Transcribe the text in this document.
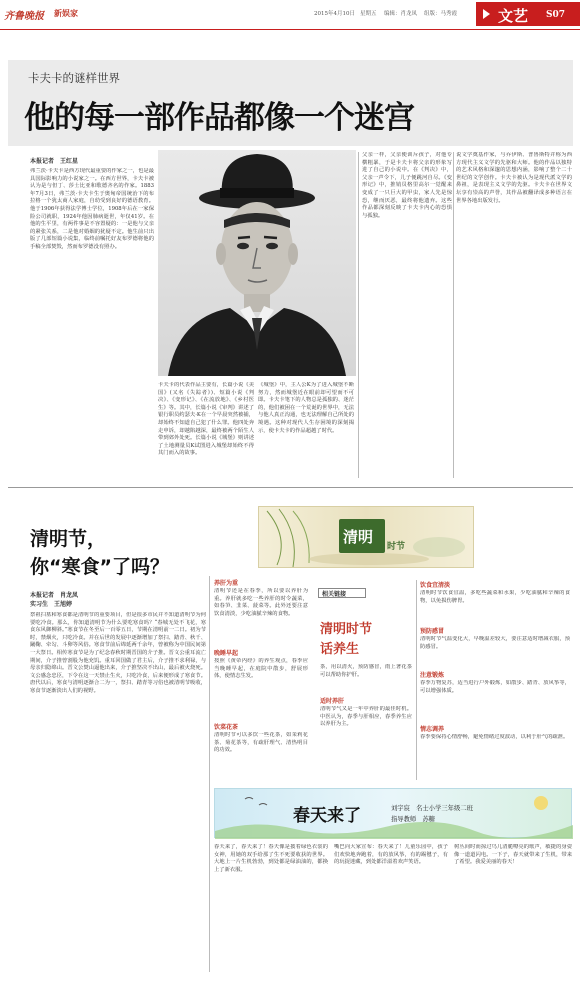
齐鲁晚报 新娱家	2015年4月10日 星期五 编辑：肖龙凤 组版：马秀霞	文艺 S07
卡夫卡的谜样世界
他的每一部作品都像一个迷宫
本报记者　王红星
弗兰茨·卡夫卡是西方现代最重要的作家之一，也是最具国际影响力的小说家之一。在西方世界，卡夫卡被认为是与但丁、莎士比亚和歌德齐名的作家。1883年7月3日，弗兰茨·卡夫卡生于奥匈帝国统治下的布拉格一个犹太商人家庭，自幼受到良好的德语教育。他于1906年获得法学博士学位，1908年后在一家保险公司就职，1924年他因肺病逝世，年仅41岁。在他的生平里，有两件事是不容置疑的：一是他与父亲的紧张关系，二是他对婚姻的犹疑不定。他生前只出版了几部短篇小说集，临终前嘱托好友布罗德将他的手稿全部焚毁，然而布罗德没有照办。
卡夫卡的代表作品主要有，长篇小说《美国》(又名《失踪者》)、短篇小说《判决》、《变形记》、《在流放地》、《乡村医生》等。其中，长篇小说《审判》讲述了银行职员约瑟夫·K在一个早晨突然被捕，却始终不知道自己犯了什么罪。他四处奔走申诉，却越陷越深，最终被两个陌生人带到郊外处死。长篇小说《城堡》则讲述了土地测量员K试图进入城堡却始终不得其门而入的故事。
《城堡》中，主人公K为了进入城堡不断努力，然而城堡近在眼前却可望而不可即。卡夫卡笔下的人物总是孤独的、迷茫的，他们被困在一个荒诞的世界中，无法与他人真正沟通，也无法理解自己所处的境遇。这种对现代人生存困境的深刻揭示，使卡夫卡的作品超越了时代。
父亲一样，父亲便训斥孩子，对他专横粗暴，于是卡夫卡将父亲的形象写进了自己的小说中。在《判决》中，父亲一声令下，儿子便跳河自尽。《变形记》中，推销员格里高尔一觉醒来变成了一只巨大的甲虫，家人先是惊恐，继而厌恶，最终将他遗弃。这些作品都深刻反映了卡夫卡内心的恐惧与孤独。
说文学奠基作家，与乔伊斯、普鲁斯特并称为西方现代主义文学的先驱和大师。他的作品以独特的艺术风格和深邃的思想内涵，影响了整个二十世纪的文学创作。卡夫卡被认为是现代派文学的鼻祖，是表现主义文学的先驱。卡夫卡在世界文坛享有崇高的声誉，其作品被翻译成多种语言在世界各地出版发行。
清明
时节
清明节，
你“寒食”了吗？
本报记者　肖龙凤
实习生　王旭婷
祭祖扫墓和寒食都是清明节的重要项目，但是很多市民并不知道清明节为何要吃冷食。那么，你知道清明节为什么要吃寒食吗？“春城无处不飞花，寒食东风御柳斜。”寒食节在冬至后一百零五日，节期在清明前一二日。初为节时，禁烟火，只吃冷食。并在后世的发展中逐渐增加了祭扫、踏青、秋千、蹴鞠、牵勾、斗卵等风俗。寒食节前后绵延两千余年，曾被称为中国民间第一大祭日。相传寒食节是为了纪念春秋时期晋国的介子推。晋文公重耳流亡期间，介子推曾割股为他充饥。重耳回国做了君主后，介子推不求利禄，与母亲归隐绵山。晋文公焚山逼他出来，介子推坚决不出山，最后被火烧死。文公感念忠臣，下令在这一天禁止生火，只吃冷食，后来便形成了寒食节。唐代以后，寒食与清明逐渐合二为一，祭扫、踏青等习俗也被清明节吸收，寒食节逐渐淡出人们的视野。
养肝为重
清明节还是在春季，所以要以养肝为重。养肝就多吃一些养肝的时令蔬菜，如春笋、韭菜、菠菜等。此外还要注意饮食清淡，少吃油腻辛辣的食物。
晚睡早起
按照《黄帝内经》的养生观点，春季应当晚睡早起，在庭院中散步，舒展形体，使情志生发。
饮菜花茶
清明时节可以多饮一些花茶，如茉莉花茶、菊花茶等，有疏肝理气、清热明目的功效。
相关链接
清明时节
话养生
茶，用以清火，预防感冒，雨上著花茶可以帮助你护肝。
适时养肝
清明节气又是一年中养肝的最佳时机。中医认为，春季与肝相应，春季养生应以养肝为主。
饮食宜清淡
清明时节饮食宜温，多吃些蔬菜和水果，少吃油腻和辛辣的食物，以免损伤脾胃。
预防感冒
清明时节气温变化大，早晚温差较大，要注意适时增减衣服，预防感冒。
注意锻炼
春季万物复苏，适当进行户外锻炼，如散步、踏青、放风筝等，可以增强体质。
情志调养
春季要保持心情舒畅，避免情绪过度波动，以利于肝气的疏泄。
春天来了	刘宇宸　名士小学三年级二班
指导教师　苏糖
春天来了，春天来了！春天像是披着绿色衣裳的女神，用她的双手给那了生不死要收获的世界。大地上一片生机勃勃，到处都是绿油油的，都换上了新衣服。
嘴巴向大家宣布：春天来了！儿童乐园中，孩子们欢快地奔跑着，有的放风筝，有的踢毽子，有的玩捉迷藏，到处都洋溢着欢声笑语。
树丛间时而掠过鸟儿清脆嘹亮的歌声，敏捷的身姿像一道道闪电。一下子，春天就带来了生机，带来了希望。我爱美丽的春天！
